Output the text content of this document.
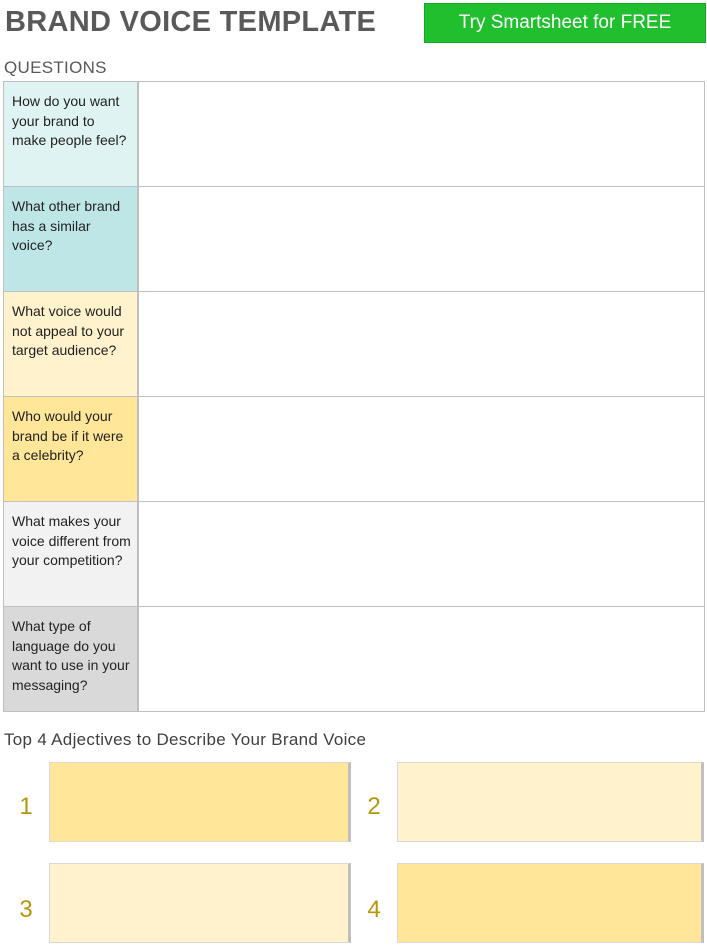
BRAND VOICE TEMPLATE	Try Smartsheet for FREE
QUESTIONS
How do you want your brand to make people feel?
What other brand has a similar voice?
What voice would not appeal to your target audience?
Who would your brand be if it were a celebrity?
What makes your voice different from your competition?
What type of language do you want to use in your messaging?
Top 4 Adjectives to Describe Your Brand Voice
1	2
3	4
